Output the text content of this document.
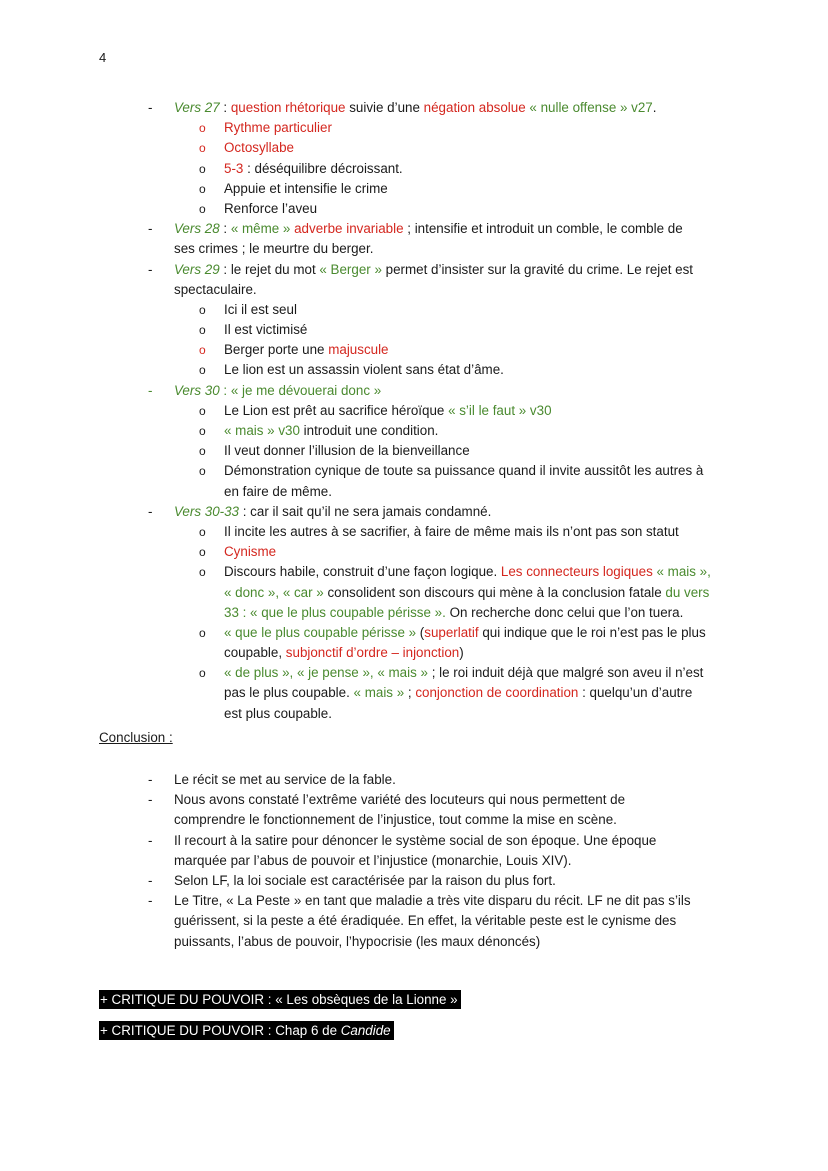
4
- Vers 27 : question rhétorique suivie d’une négation absolue « nulle offense » v27.
o Rythme particulier
o Octosyllabe
o 5-3 : déséquilibre décroissant.
o Appuie et intensifie le crime
o Renforce l’aveu
- Vers 28 : « même » adverbe invariable ; intensifie et introduit un comble, le comble de
ses crimes ; le meurtre du berger.
- Vers 29 : le rejet du mot « Berger » permet d’insister sur la gravité du crime. Le rejet est
spectaculaire.
o Ici il est seul
o Il est victimisé
o Berger porte une majuscule
o Le lion est un assassin violent sans état d’âme.
- Vers 30 : « je me dévouerai donc »
o Le Lion est prêt au sacrifice héroïque « s’il le faut » v30
o « mais » v30 introduit une condition.
o Il veut donner l’illusion de la bienveillance
o Démonstration cynique de toute sa puissance quand il invite aussitôt les autres à
en faire de même.
- Vers 30-33 : car il sait qu’il ne sera jamais condamné.
o Il incite les autres à se sacrifier, à faire de même mais ils n’ont pas son statut
o Cynisme
o Discours habile, construit d’une façon logique. Les connecteurs logiques « mais »,
« donc », « car » consolident son discours qui mène à la conclusion fatale du vers
33 : « que le plus coupable périsse ». On recherche donc celui que l’on tuera.
o « que le plus coupable périsse » (superlatif qui indique que le roi n’est pas le plus
coupable, subjonctif d’ordre – injonction)
o « de plus », « je pense », « mais » ; le roi induit déjà que malgré son aveu il n’est
pas le plus coupable. « mais » ; conjonction de coordination : quelqu’un d’autre
est plus coupable.
Conclusion :
- Le récit se met au service de la fable.
- Nous avons constaté l’extrême variété des locuteurs qui nous permettent de
comprendre le fonctionnement de l’injustice, tout comme la mise en scène.
- Il recourt à la satire pour dénoncer le système social de son époque. Une époque
marquée par l’abus de pouvoir et l’injustice (monarchie, Louis XIV).
- Selon LF, la loi sociale est caractérisée par la raison du plus fort.
- Le Titre, « La Peste » en tant que maladie a très vite disparu du récit. LF ne dit pas s’ils
guérissent, si la peste a été éradiquée. En effet, la véritable peste est le cynisme des
puissants, l’abus de pouvoir, l’hypocrisie (les maux dénoncés)
+ CRITIQUE DU POUVOIR : « Les obsèques de la Lionne »
+ CRITIQUE DU POUVOIR : Chap 6 de Candide
